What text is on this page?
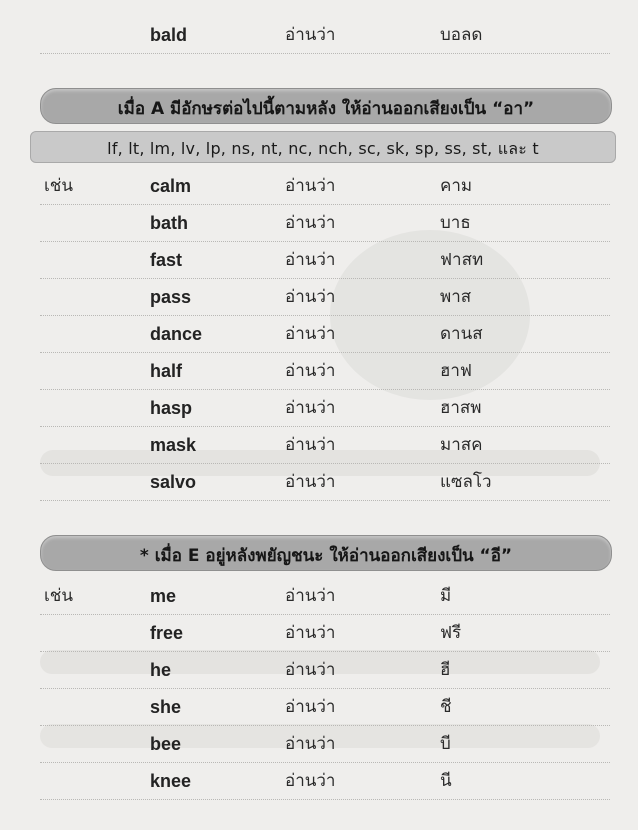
bald	อ่านว่า	บอลด
เมื่อ A มีอักษรต่อไปนี้ตามหลัง ให้อ่านออกเสียงเป็น “อา”
lf, lt, lm, lv, lp, ns, nt, nc, nch, sc, sk, sp, ss, st, และ t
เช่น	calm	อ่านว่า	คาม
bath	อ่านว่า	บาธ
fast	อ่านว่า	ฟาสท
pass	อ่านว่า	พาส
dance	อ่านว่า	ดานส
half	อ่านว่า	ฮาฟ
hasp	อ่านว่า	ฮาสพ
mask	อ่านว่า	มาสค
salvo	อ่านว่า	แซลโว
* เมื่อ E อยู่หลังพยัญชนะ ให้อ่านออกเสียงเป็น “อี”
เช่น	me	อ่านว่า	มี
free	อ่านว่า	ฟรี
he	อ่านว่า	ฮี
she	อ่านว่า	ชี
bee	อ่านว่า	บี
knee	อ่านว่า	นี
